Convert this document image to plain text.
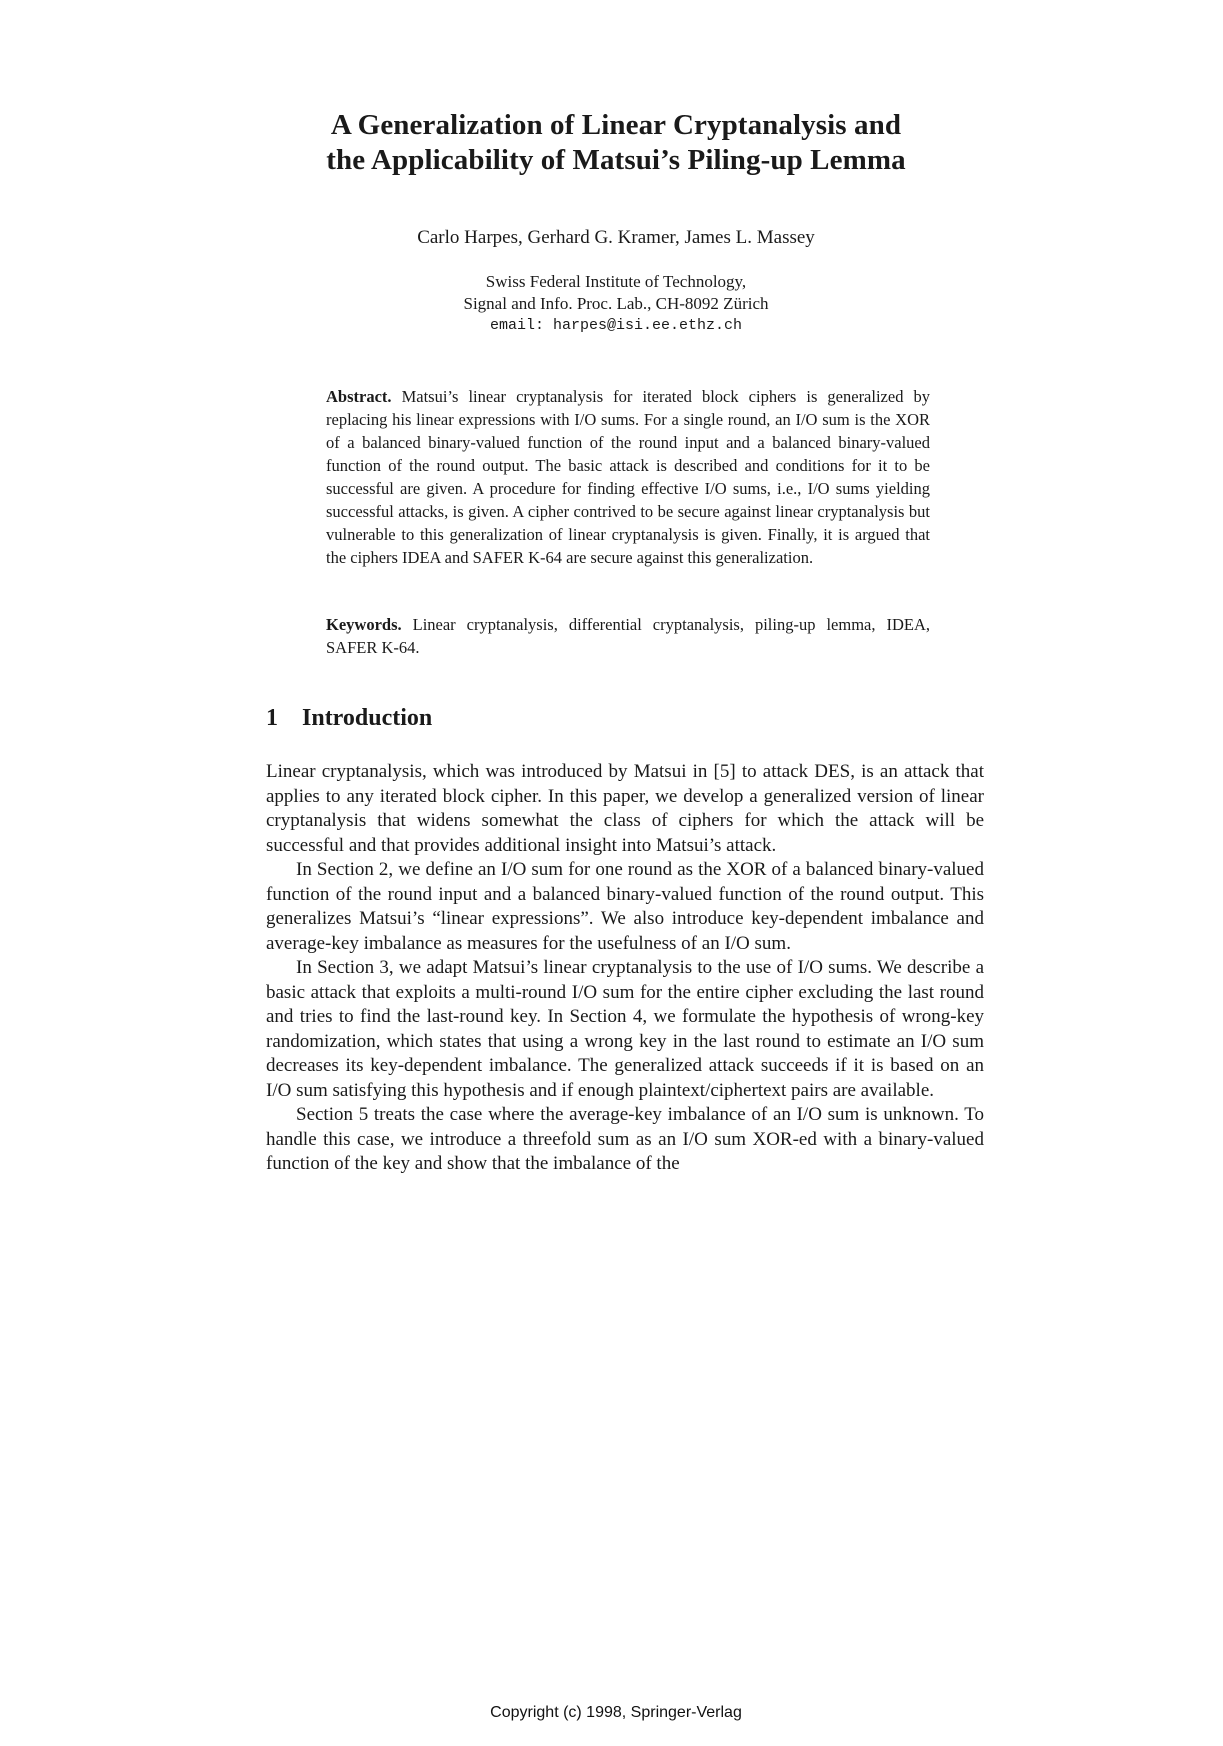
A Generalization of Linear Cryptanalysis and
the Applicability of Matsui’s Piling-up Lemma
Carlo Harpes, Gerhard G. Kramer, James L. Massey
Swiss Federal Institute of Technology,
Signal and Info. Proc. Lab., CH-8092 Zürich
email: harpes@isi.ee.ethz.ch

Abstract. Matsui’s linear cryptanalysis for iterated block ciphers is generalized by replacing his linear expressions with I/O sums. For a single round, an I/O sum is the XOR of a balanced binary-valued function of the round input and a balanced binary-valued function of the round output. The basic attack is described and conditions for it to be successful are given. A procedure for finding effective I/O sums, i.e., I/O sums yielding successful attacks, is given. A cipher contrived to be secure against linear cryptanalysis but vulnerable to this generalization of linear cryptanalysis is given. Finally, it is argued that the ciphers IDEA and SAFER K-64 are secure against this generalization.

Keywords. Linear cryptanalysis, differential cryptanalysis, piling-up lemma, IDEA, SAFER K-64.

1 Introduction

Linear cryptanalysis, which was introduced by Matsui in [5] to attack DES, is an attack that applies to any iterated block cipher. In this paper, we develop a generalized version of linear cryptanalysis that widens somewhat the class of ciphers for which the attack will be successful and that provides additional insight into Matsui’s attack.

In Section 2, we define an I/O sum for one round as the XOR of a balanced binary-valued function of the round input and a balanced binary-valued function of the round output. This generalizes Matsui’s “linear expressions”. We also introduce key-dependent imbalance and average-key imbalance as measures for the usefulness of an I/O sum.

In Section 3, we adapt Matsui’s linear cryptanalysis to the use of I/O sums. We describe a basic attack that exploits a multi-round I/O sum for the entire cipher excluding the last round and tries to find the last-round key. In Section 4, we formulate the hypothesis of wrong-key randomization, which states that using a wrong key in the last round to estimate an I/O sum decreases its key-dependent imbalance. The generalized attack succeeds if it is based on an I/O sum satisfying this hypothesis and if enough plaintext/ciphertext pairs are available.

Section 5 treats the case where the average-key imbalance of an I/O sum is unknown. To handle this case, we introduce a threefold sum as an I/O sum XOR-ed with a binary-valued function of the key and show that the imbalance of the

Copyright (c) 1998, Springer-Verlag
